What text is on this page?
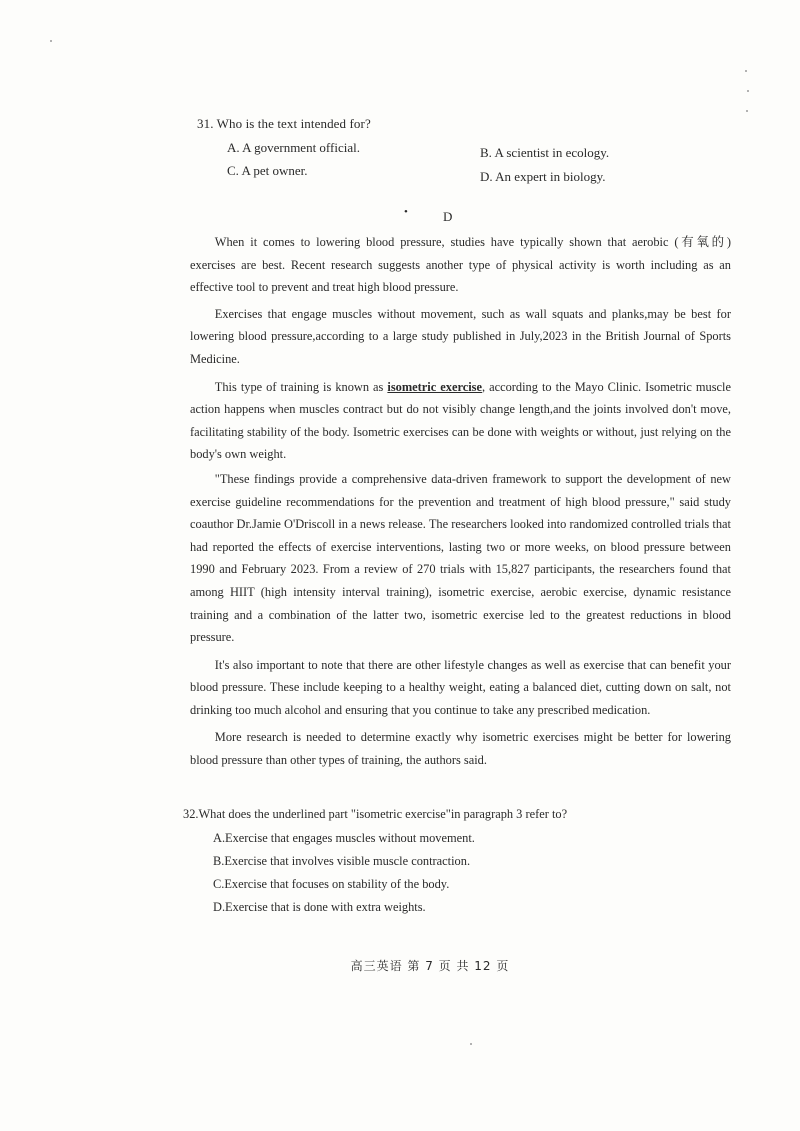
31. Who is the text intended for?
A. A government official.	B. A scientist in ecology.
C. A pet owner.	D. An expert in biology.
•	D

When it comes to lowering blood pressure, studies have typically shown that aerobic (有氧的) exercises are best. Recent research suggests another type of physical activity is worth including as an effective tool to prevent and treat high blood pressure.

Exercises that engage muscles without movement, such as wall squats and planks,may be best for lowering blood pressure,according to a large study published in July,2023 in the British Journal of Sports Medicine.

This type of training is known as isometric exercise, according to the Mayo Clinic. Isometric muscle action happens when muscles contract but do not visibly change length,and the joints involved don't move, facilitating stability of the body. Isometric exercises can be done with weights or without, just relying on the body's own weight.

"These findings provide a comprehensive data-driven framework to support the development of new exercise guideline recommendations for the prevention and treatment of high blood pressure," said study coauthor Dr.Jamie O'Driscoll in a news release. The researchers looked into randomized controlled trials that had reported the effects of exercise interventions, lasting two or more weeks, on blood pressure between 1990 and February 2023. From a review of 270 trials with 15,827 participants, the researchers found that among HIIT (high intensity interval training), isometric exercise, aerobic exercise, dynamic resistance training and a combination of the latter two, isometric exercise led to the greatest reductions in blood pressure.

It's also important to note that there are other lifestyle changes as well as exercise that can benefit your blood pressure. These include keeping to a healthy weight, eating a balanced diet, cutting down on salt, not drinking too much alcohol and ensuring that you continue to take any prescribed medication.

More research is needed to determine exactly why isometric exercises might be better for lowering blood pressure than other types of training, the authors said.

32.What does the underlined part "isometric exercise"in paragraph 3 refer to?
A.Exercise that engages muscles without movement.
B.Exercise that involves visible muscle contraction.
C.Exercise that focuses on stability of the body.
D.Exercise that is done with extra weights.
高三英语 第 7 页 共 12 页
